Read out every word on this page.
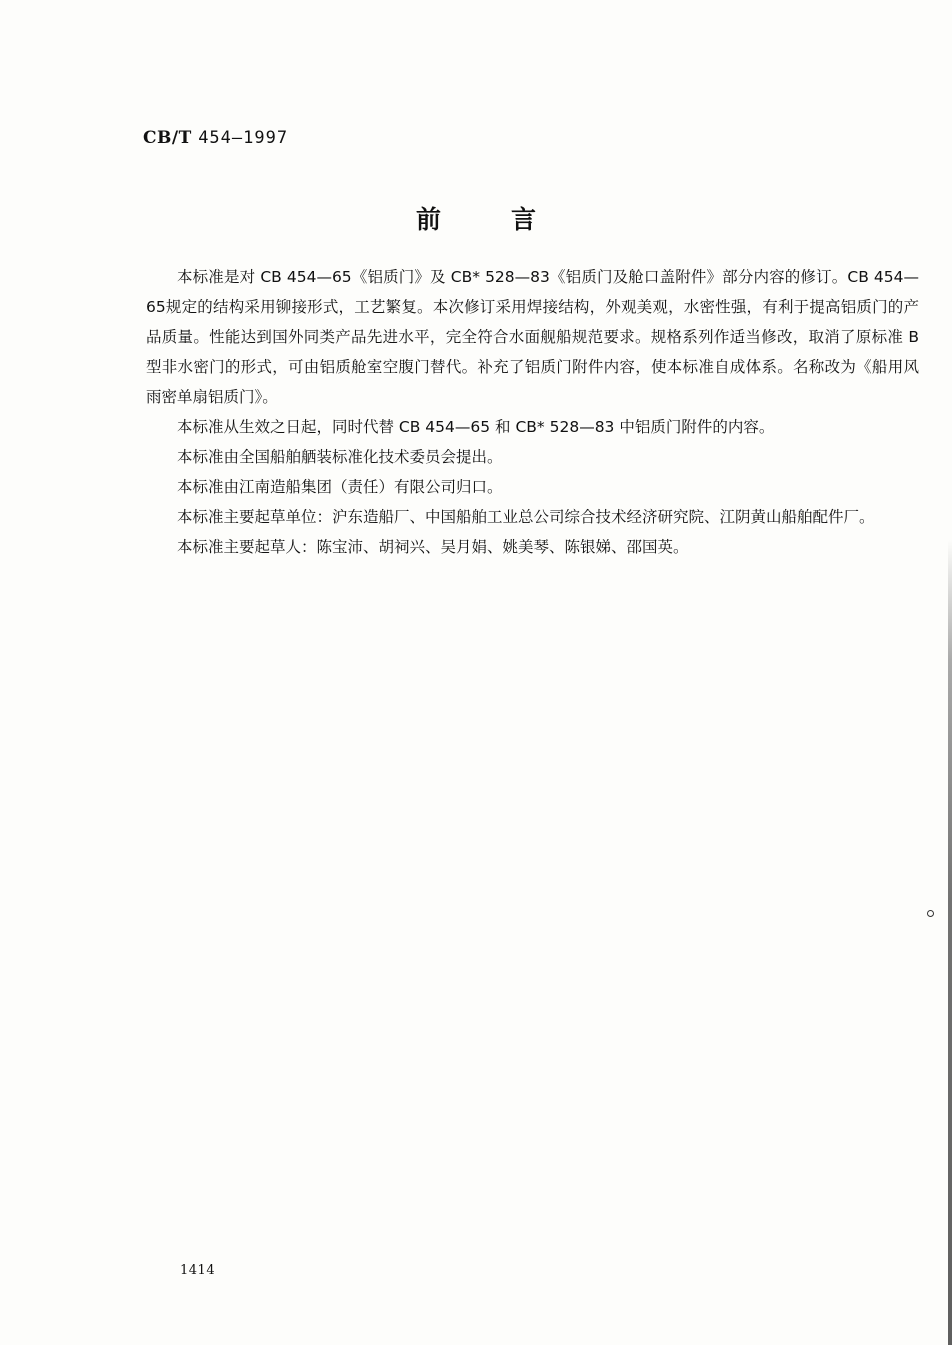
CB/T 454—1997
前言

本标准是对 CB 454—65《铝质门》及 CB* 528—83《铝质门及舱口盖附件》部分内容的修订。CB 454—65规定的结构采用铆接形式，工艺繁复。本次修订采用焊接结构，外观美观，水密性强，有利于提高铝质门的产品质量。性能达到国外同类产品先进水平，完全符合水面舰船规范要求。规格系列作适当修改，取消了原标准 B 型非水密门的形式，可由铝质舱室空腹门替代。补充了铝质门附件内容，使本标准自成体系。名称改为《船用风雨密单扇铝质门》。

本标准从生效之日起，同时代替 CB 454—65 和 CB* 528—83 中铝质门附件的内容。

本标准由全国船舶舾装标准化技术委员会提出。

本标准由江南造船集团（责任）有限公司归口。

本标准主要起草单位：沪东造船厂、中国船舶工业总公司综合技术经济研究院、江阴黄山船舶配件厂。

本标准主要起草人：陈宝沛、胡祠兴、吴月娟、姚美琴、陈银娣、邵国英。

1414
